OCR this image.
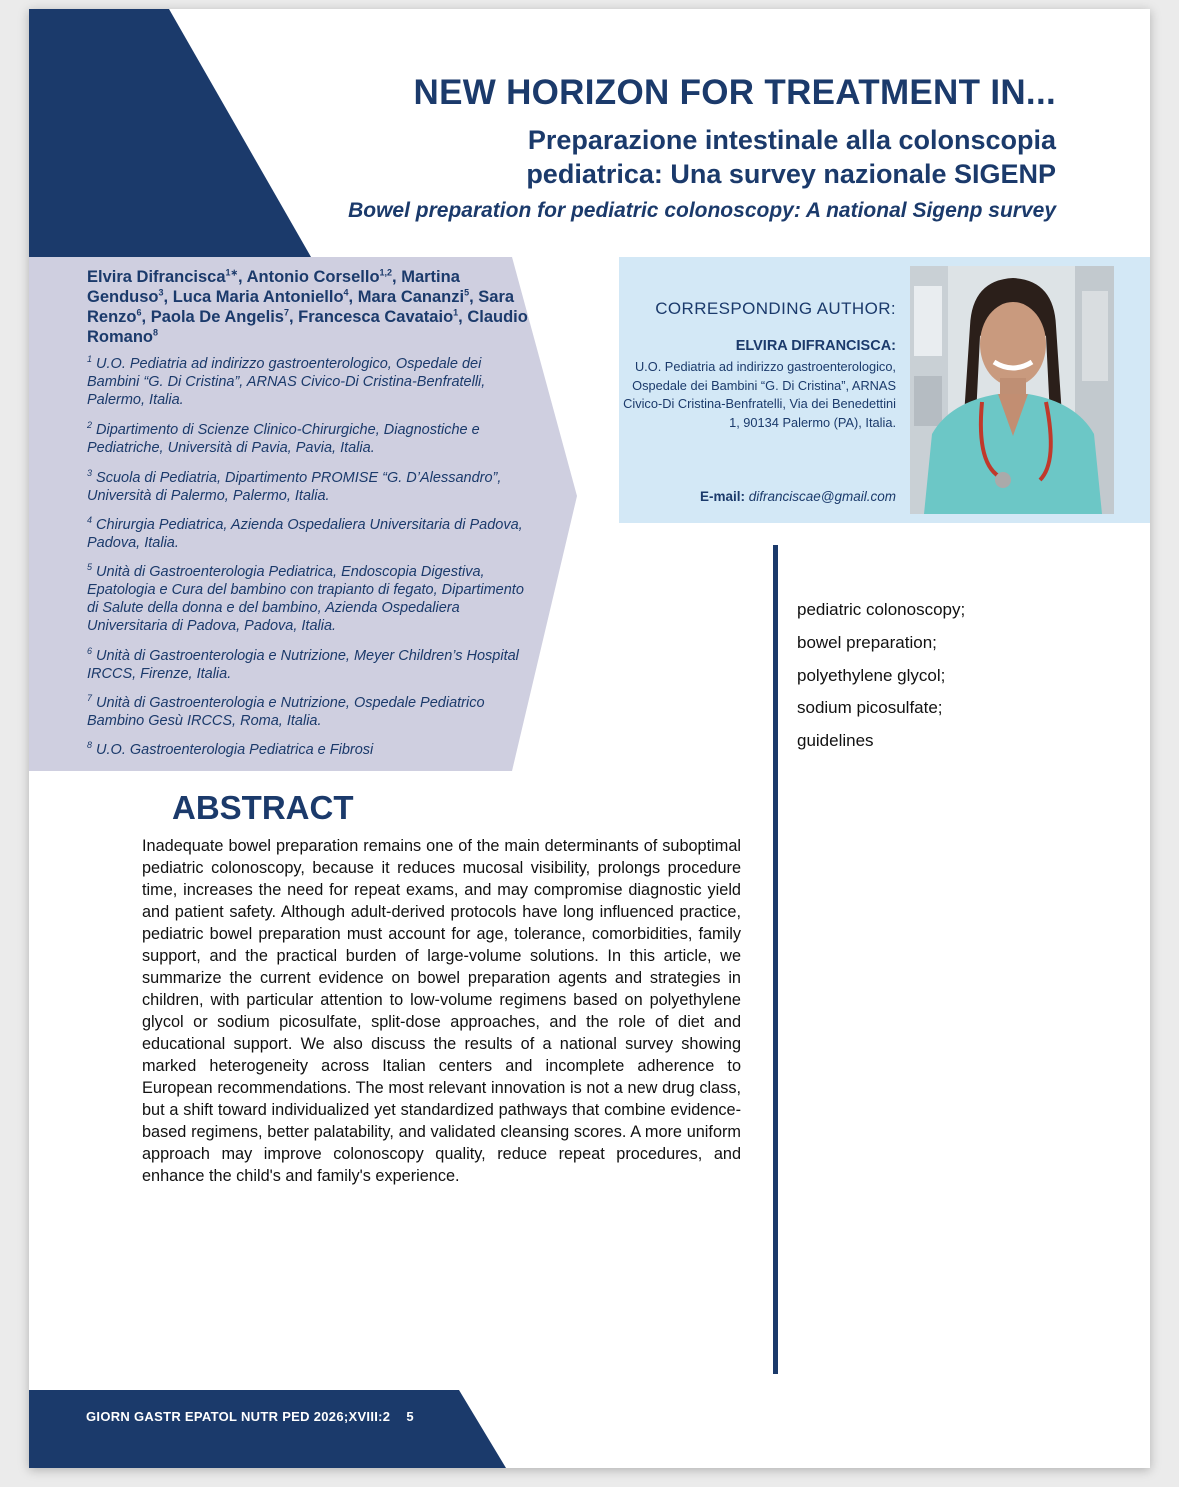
NEW HORIZON FOR TREATMENT IN...
Preparazione intestinale alla colonscopia
pediatrica: Una survey nazionale SIGENP
Bowel preparation for pediatric colonoscopy: A national Sigenp survey
Elvira Difrancisca$^{1∗}$, Antonio Corsello$^{1,2}$, Martina Genduso$^3$, Luca Maria Antoniello$^4$, Mara Cananzi$^5$, Sara Renzo$^6$, Paola De Angelis$^7$, Francesca Cavataio$^1$, Claudio Romano$^8$
$^1$ U.O. Pediatria ad indirizzo gastroenterologico, Ospedale dei Bambini “G. Di Cristina”, ARNAS Civico-Di Cristina-Benfratelli, Palermo, Italia.
$^2$ Dipartimento di Scienze Clinico-Chirurgiche, Diagnostiche e Pediatriche, Università di Pavia, Pavia, Italia.
$^3$ Scuola di Pediatria, Dipartimento PROMISE “G. D’Alessandro”, Università di Palermo, Palermo, Italia.
$^4$ Chirurgia Pediatrica, Azienda Ospedaliera Universitaria di Padova, Padova, Italia.
$^5$ Unità di Gastroenterologia Pediatrica, Endoscopia Digestiva, Epatologia e Cura del bambino con trapianto di fegato, Dipartimento di Salute della donna e del bambino, Azienda Ospedaliera Universitaria di Padova, Padova, Italia.
$^6$ Unità di Gastroenterologia e Nutrizione, Meyer Children’s Hospital IRCCS, Firenze, Italia.
$^7$ Unità di Gastroenterologia e Nutrizione, Ospedale Pediatrico Bambino Gesù IRCCS, Roma, Italia.
$^8$ U.O. Gastroenterologia Pediatrica e Fibrosi
CORRESPONDING AUTHOR:
ELVIRA DIFRANCISCA:
U.O. Pediatria ad indirizzo gastroenterologico, Ospedale dei Bambini “G. Di Cristina”, ARNAS Civico-Di Cristina-Benfratelli, Via dei Benedettini 1, 90134 Palermo (PA), Italia.
E-mail: difranciscae@gmail.com
pediatric colonoscopy;
bowel preparation;
polyethylene glycol;
sodium picosulfate;
guidelines
ABSTRACT
Inadequate bowel preparation remains one of the main determinants of suboptimal pediatric colonoscopy, because it reduces mucosal visibility, prolongs procedure time, increases the need for repeat exams, and may compromise diagnostic yield and patient safety. Although adult-derived protocols have long influenced practice, pediatric bowel preparation must account for age, tolerance, comorbidities, family support, and the practical burden of large-volume solutions. In this article, we summarize the current evidence on bowel preparation agents and strategies in children, with particular attention to low-volume regimens based on polyethylene glycol or sodium picosulfate, split-dose approaches, and the role of diet and educational support. We also discuss the results of a national survey showing marked heterogeneity across Italian centers and incomplete adherence to European recommendations. The most relevant innovation is not a new drug class, but a shift toward individualized yet standardized pathways that combine evidence-based regimens, better palatability, and validated cleansing scores. A more uniform approach may improve colonoscopy quality, reduce repeat procedures, and enhance the child's and family's experience.
GIORN GASTR EPATOL NUTR PED 2026;XVIII:2 5
